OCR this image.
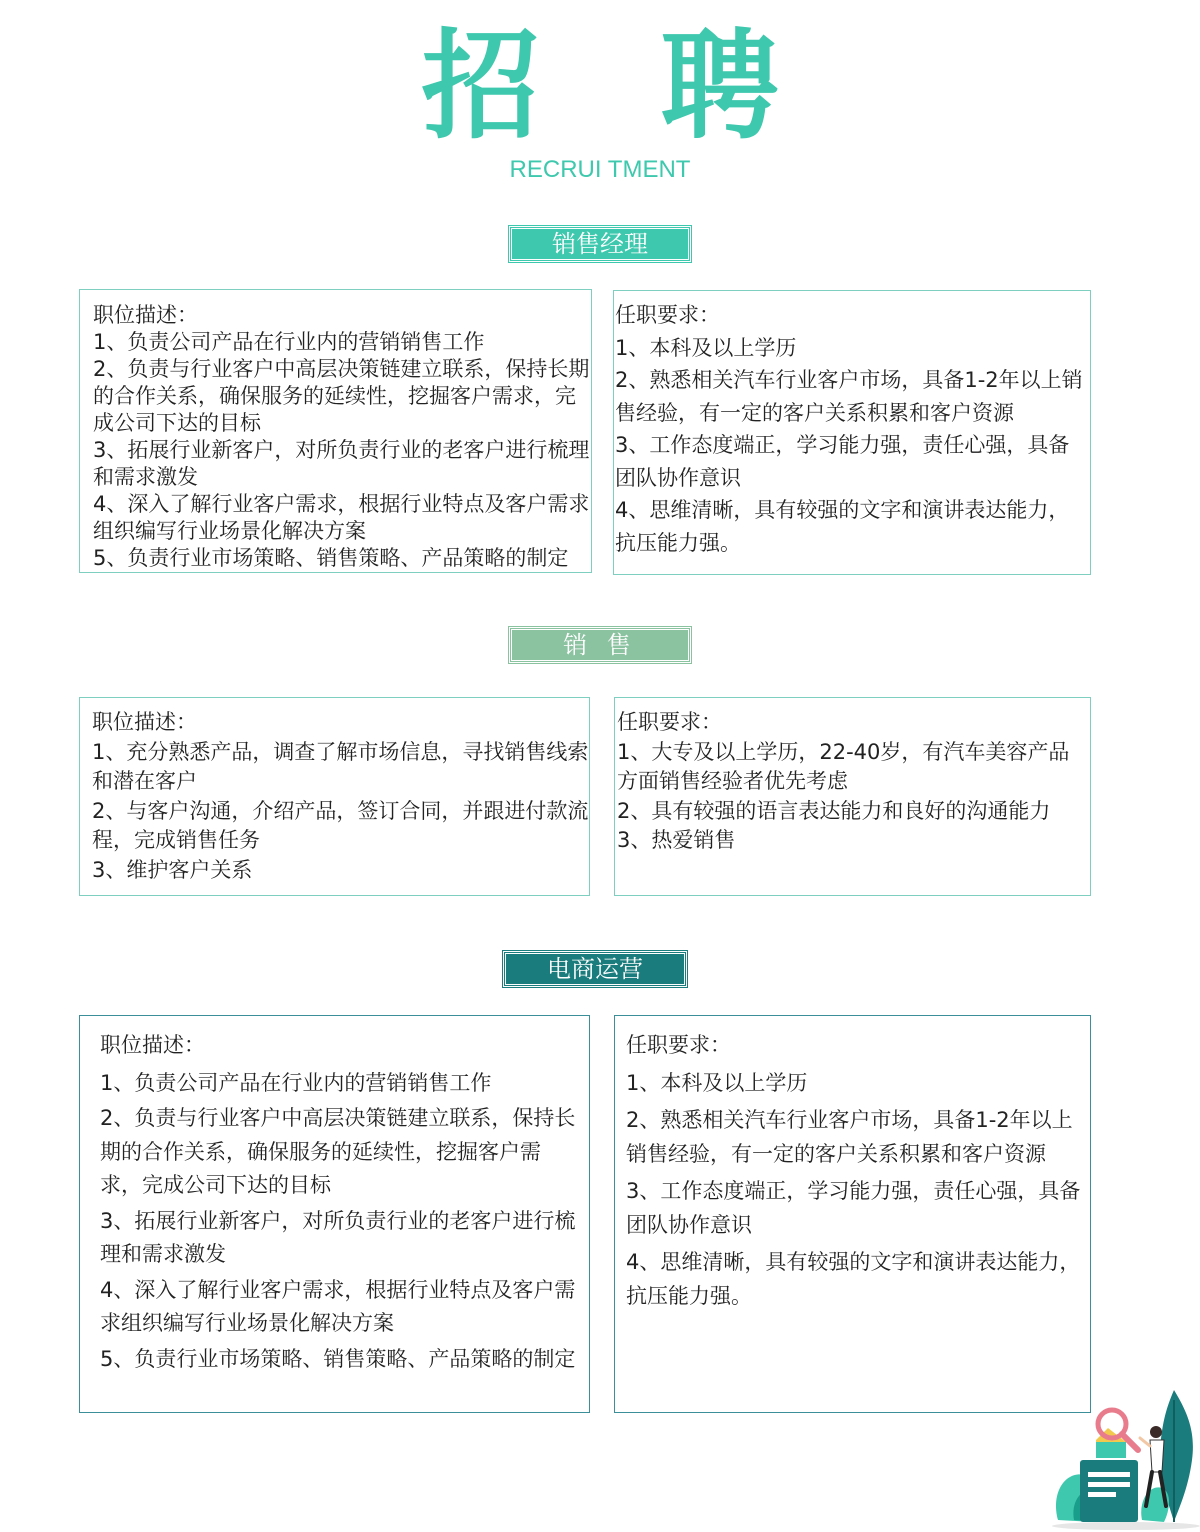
招 聘
RECRUI TMENT
销售经理
职位描述：
1、负责公司产品在行业内的营销销售工作
2、负责与行业客户中高层决策链建立联系，保持长期的合作关系，确保服务的延续性，挖掘客户需求，完成公司下达的目标
3、拓展行业新客户，对所负责行业的老客户进行梳理和需求激发
4、深入了解行业客户需求，根据行业特点及客户需求组织编写行业场景化解决方案
5、负责行业市场策略、销售策略、产品策略的制定
任职要求：
1、本科及以上学历
2、熟悉相关汽车行业客户市场，具备1-2年以上销售经验，有一定的客户关系积累和客户资源
3、工作态度端正，学习能力强，责任心强，具备团队协作意识
4、思维清晰，具有较强的文字和演讲表达能力，抗压能力强。
销 售
职位描述：
1、充分熟悉产品，调查了解市场信息，寻找销售线索和潜在客户
2、与客户沟通，介绍产品，签订合同，并跟进付款流程，完成销售任务
3、维护客户关系
任职要求：
1、大专及以上学历，22-40岁，有汽车美容产品方面销售经验者优先考虑
2、具有较强的语言表达能力和良好的沟通能力
3、热爱销售
电商运营
职位描述：
1、负责公司产品在行业内的营销销售工作
2、负责与行业客户中高层决策链建立联系，保持长期的合作关系，确保服务的延续性，挖掘客户需求，完成公司下达的目标
3、拓展行业新客户，对所负责行业的老客户进行梳理和需求激发
4、深入了解行业客户需求，根据行业特点及客户需求组织编写行业场景化解决方案
5、负责行业市场策略、销售策略、产品策略的制定
任职要求：
1、本科及以上学历
2、熟悉相关汽车行业客户市场，具备1-2年以上销售经验，有一定的客户关系积累和客户资源
3、工作态度端正，学习能力强，责任心强，具备团队协作意识
4、思维清晰，具有较强的文字和演讲表达能力，抗压能力强。
